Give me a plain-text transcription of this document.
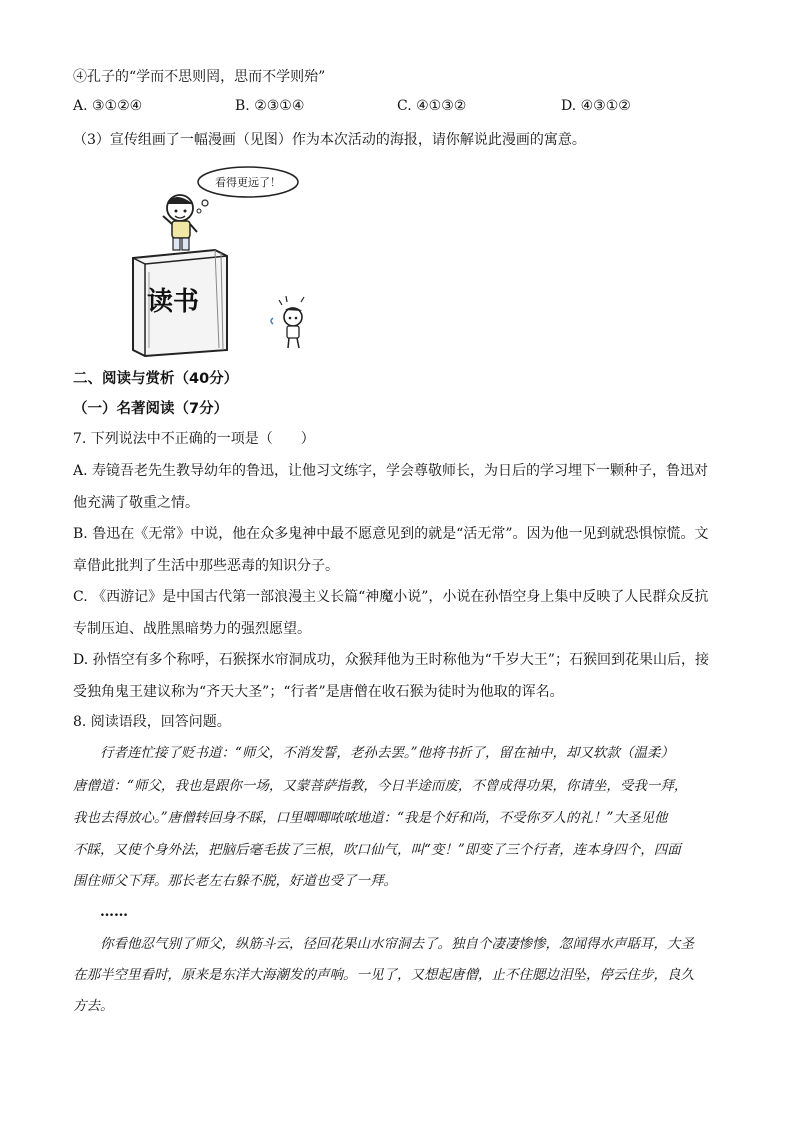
④孔子的“学而不思则罔，思而不学则殆”
A. ③①②④	B. ②③①④	C. ④①③②	D. ④③①②
（3）宣传组画了一幅漫画（见图）作为本次活动的海报，请你解说此漫画的寓意。
看得更远了！
读书
二、阅读与赏析（40分）
（一）名著阅读（7分）
7. 下列说法中不正确的一项是（　　）
A. 寿镜吾老先生教导幼年的鲁迅，让他习文练字，学会尊敬师长，为日后的学习埋下一颗种子，鲁迅对
他充满了敬重之情。
B. 鲁迅在《无常》中说，他在众多鬼神中最不愿意见到的就是“活无常”。因为他一见到就恐惧惊慌。文
章借此批判了生活中那些恶毒的知识分子。
C. 《西游记》是中国古代第一部浪漫主义长篇“神魔小说”，小说在孙悟空身上集中反映了人民群众反抗
专制压迫、战胜黑暗势力的强烈愿望。
D. 孙悟空有多个称呼，石猴探水帘洞成功，众猴拜他为王时称他为“千岁大王”；石猴回到花果山后，接
受独角鬼王建议称为“齐天大圣”；“行者”是唐僧在收石猴为徒时为他取的诨名。
8. 阅读语段，回答问题。
行者连忙接了贬书道：“师父，不消发誓，老孙去罢。”他将书折了，留在袖中，却又软款（温柔）
唐僧道：“师父，我也是跟你一场，又蒙菩萨指教，今日半途而废，不曾成得功果，你请坐，受我一拜，
我也去得放心。”唐僧转回身不睬，口里唧唧哝哝地道：“我是个好和尚，不受你歹人的礼！”大圣见他
不睬，又使个身外法，把脑后毫毛拔了三根，吹口仙气，叫“变！”即变了三个行者，连本身四个，四面
围住师父下拜。那长老左右躲不脱，好道也受了一拜。
……
你看他忍气别了师父，纵筋斗云，径回花果山水帘洞去了。独自个凄凄惨惨，忽闻得水声聒耳，大圣
在那半空里看时，原来是东洋大海潮发的声响。一见了，又想起唐僧，止不住腮边泪坠，停云住步，良久
方去。
